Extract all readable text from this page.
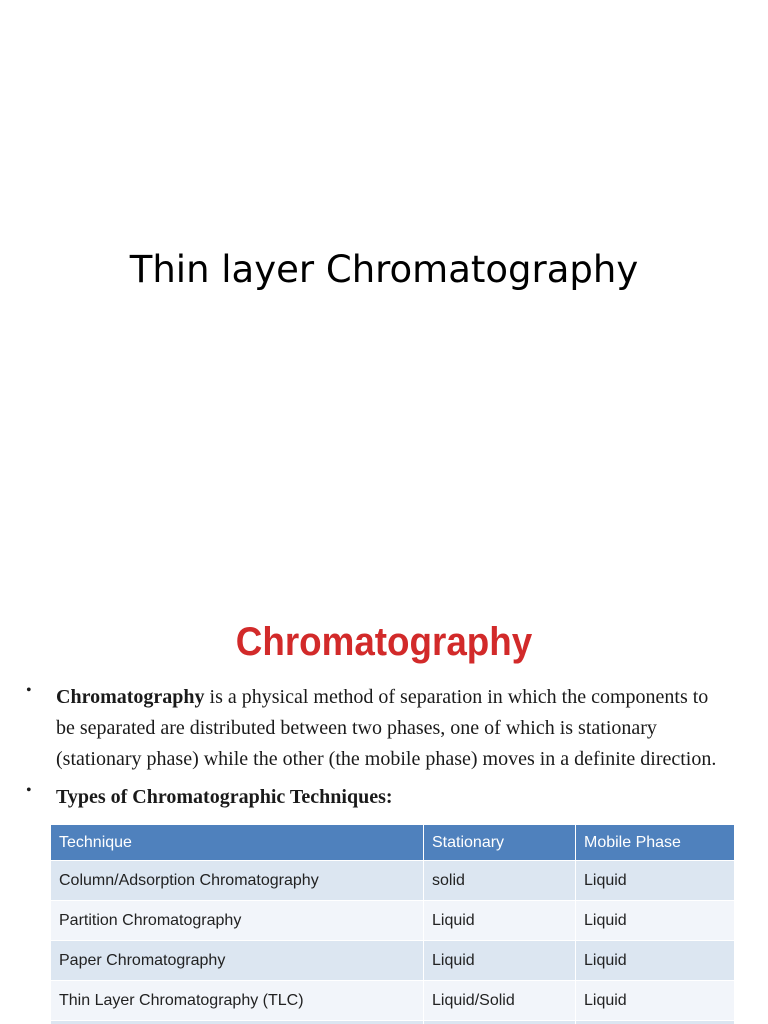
Thin layer Chromatography
Chromatography
• Chromatography is a physical method of separation in which the components to
be separated are distributed between two phases, one of which is stationary
(stationary phase) while the other (the mobile phase) moves in a definite direction.
• Types of Chromatographic Techniques:
Technique	Stationary	Mobile Phase
Column/Adsorption Chromatography	solid	Liquid
Partition Chromatography	Liquid	Liquid
Paper Chromatography	Liquid	Liquid
Thin Layer Chromatography (TLC)	Liquid/Solid	Liquid
